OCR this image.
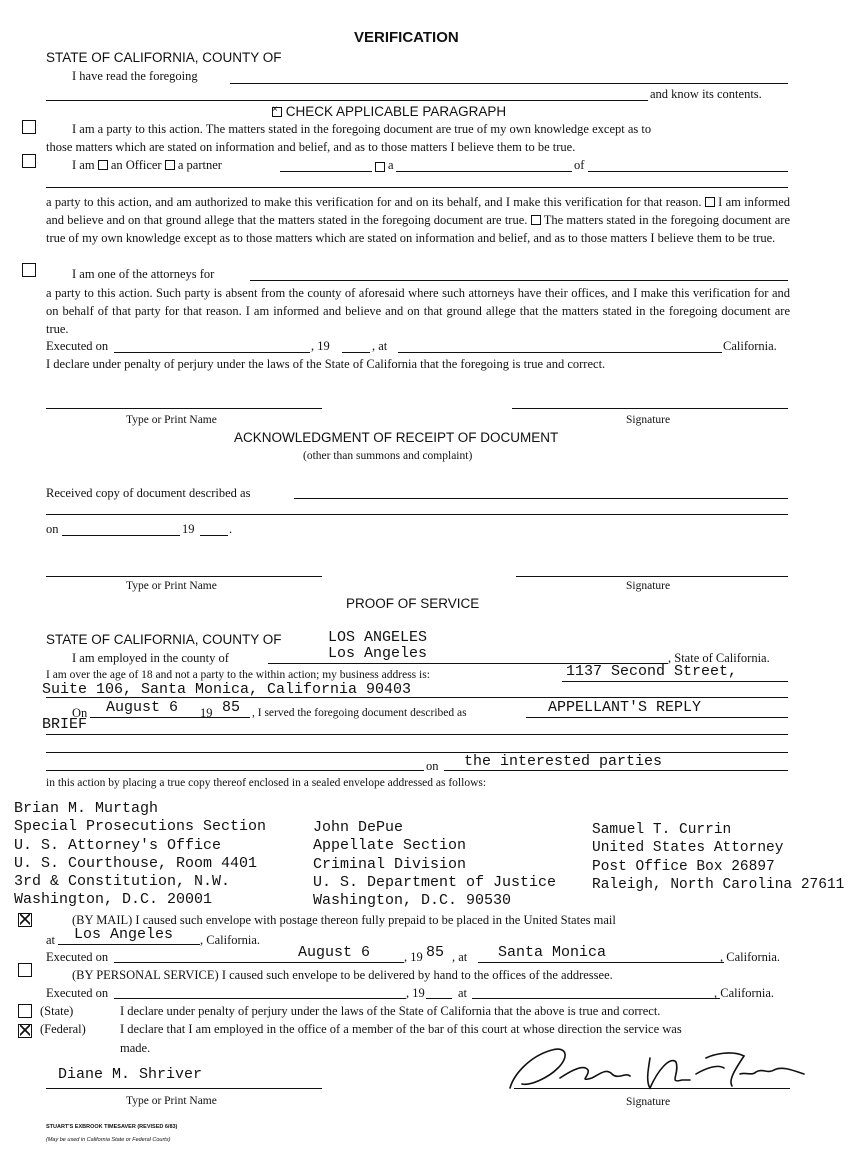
VERIFICATION
STATE OF CALIFORNIA, COUNTY OF
I have read the foregoing
and know its contents.
× CHECK APPLICABLE PARAGRAPH
I am a party to this action. The matters stated in the foregoing document are true of my own knowledge except as to
those matters which are stated on information and belief, and as to those matters I believe them to be true.
I am an Officer a partner	a	of
a party to this action, and am authorized to make this verification for and on its behalf, and I make this verification for that reason. I am informed and believe and on that ground allege that the matters stated in the foregoing document are true. The matters stated in the foregoing document are true of my own knowledge except as to those matters which are stated on information and belief, and as to those matters I believe them to be true.
I am one of the attorneys for
a party to this action. Such party is absent from the county of aforesaid where such attorneys have their offices, and I make this verification for and on behalf of that party for that reason. I am informed and believe and on that ground allege that the matters stated in the foregoing document are true.
Executed on	, 19	, at	California.
I declare under penalty of perjury under the laws of the State of California that the foregoing is true and correct.
Type or Print Name	Signature
ACKNOWLEDGMENT OF RECEIPT OF DOCUMENT
(other than summons and complaint)
Received copy of document described as
on	19	.
Type or Print Name	Signature
PROOF OF SERVICE
STATE OF CALIFORNIA, COUNTY OF	LOS ANGELES
I am employed in the county of	Los Angeles	, State of California.
I am over the age of 18 and not a party to the within action; my business address is:	1137 Second Street,
Suite 106, Santa Monica, California 90403
On August 6 19 85 , I served the foregoing document described as	APPELLANT'S REPLY
BRIEF
on the interested parties
in this action by placing a true copy thereof enclosed in a sealed envelope addressed as follows:
Brian M. Murtagh
Special Prosecutions Section
U. S. Attorney's Office
U. S. Courthouse, Room 4401
3rd & Constitution, N.W.
Washington, D.C. 20001
John DePue
Appellate Section
Criminal Division
U. S. Department of Justice
Washington, D.C. 90530
Samuel T. Currin
United States Attorney
Post Office Box 26897
Raleigh, North Carolina 27611
(BY MAIL) I caused such envelope with postage thereon fully prepaid to be placed in the United States mail
at Los Angeles , California.
Executed on	August 6	, 19 85 , at Santa Monica	, California.
(BY PERSONAL SERVICE) I caused such envelope to be delivered by hand to the offices of the addressee.
Executed on	, 19	at	, California.
(State)	I declare under penalty of perjury under the laws of the State of California that the above is true and correct.
(Federal)	I declare that I am employed in the office of a member of the bar of this court at whose direction the service was
made.
Diane M. Shriver
Type or Print Name	Signature
STUART'S EXBROOK TIMESAVER (REVISED 6/83)
(May be used in California State or Federal Courts)
